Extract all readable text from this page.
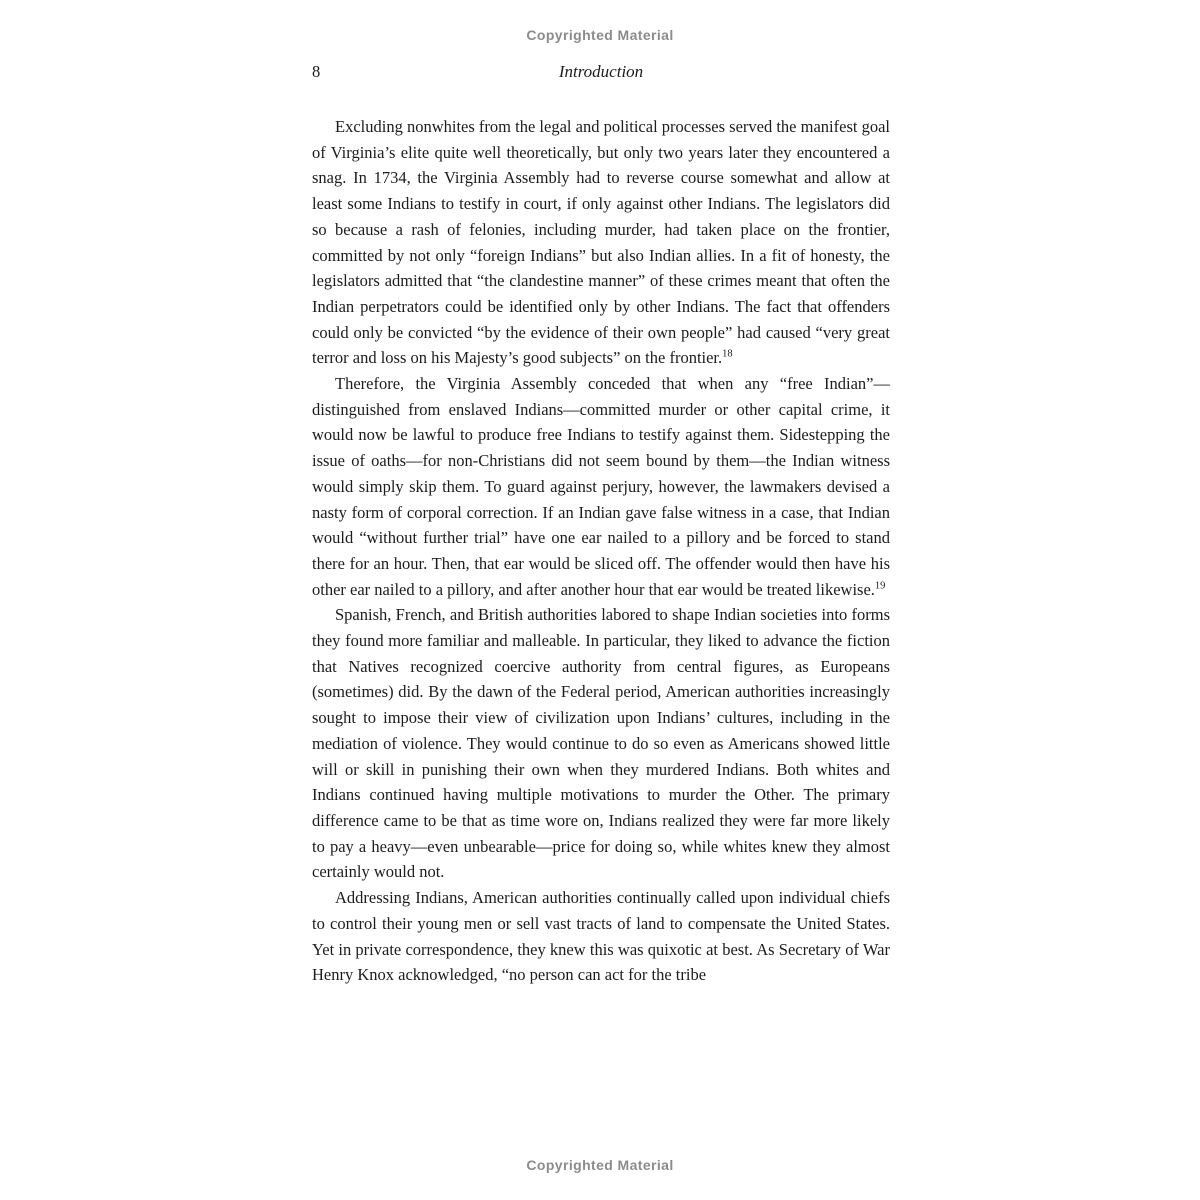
Copyrighted Material
8	Introduction

Excluding nonwhites from the legal and political processes served the manifest goal of Virginia’s elite quite well theoretically, but only two years later they encountered a snag. In 1734, the Virginia Assembly had to reverse course somewhat and allow at least some Indians to testify in court, if only against other Indians. The legislators did so because a rash of felonies, including murder, had taken place on the frontier, committed by not only “foreign Indians” but also Indian allies. In a fit of honesty, the legislators admitted that “the clandestine manner” of these crimes meant that often the Indian perpetrators could be identified only by other Indians. The fact that offenders could only be convicted “by the evidence of their own people” had caused “very great terror and loss on his Majesty’s good subjects” on the frontier.$^{18}$

Therefore, the Virginia Assembly conceded that when any “free Indian”—distinguished from enslaved Indians—committed murder or other capital crime, it would now be lawful to produce free Indians to testify against them. Sidestepping the issue of oaths—for non-Christians did not seem bound by them—the Indian witness would simply skip them. To guard against perjury, however, the lawmakers devised a nasty form of corporal correction. If an Indian gave false witness in a case, that Indian would “without further trial” have one ear nailed to a pillory and be forced to stand there for an hour. Then, that ear would be sliced off. The offender would then have his other ear nailed to a pillory, and after another hour that ear would be treated likewise.$^{19}$

Spanish, French, and British authorities labored to shape Indian societies into forms they found more familiar and malleable. In particular, they liked to advance the fiction that Natives recognized coercive authority from central figures, as Europeans (sometimes) did. By the dawn of the Federal period, American authorities increasingly sought to impose their view of civilization upon Indians’ cultures, including in the mediation of violence. They would continue to do so even as Americans showed little will or skill in punishing their own when they murdered Indians. Both whites and Indians continued having multiple motivations to murder the Other. The primary difference came to be that as time wore on, Indians realized they were far more likely to pay a heavy—even unbearable—price for doing so, while whites knew they almost certainly would not.

Addressing Indians, American authorities continually called upon individual chiefs to control their young men or sell vast tracts of land to compensate the United States. Yet in private correspondence, they knew this was quixotic at best. As Secretary of War Henry Knox acknowledged, “no person can act for the tribe

Copyrighted Material
